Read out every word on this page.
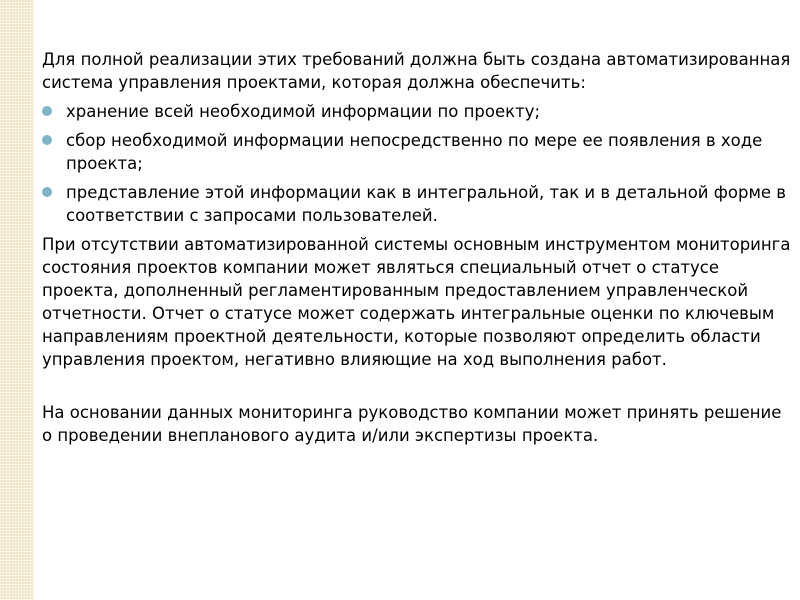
Для полной реализации этих требований должна быть создана автоматизированная система управления проектами, которая должна обеспечить:

хранение всей необходимой информации по проекту;
сбор необходимой информации непосредственно по мере ее появления в ходе проекта;
представление этой информации как в интегральной, так и в детальной форме в соответствии с запросами пользователей.

При отсутствии автоматизированной системы основным инструментом мониторинга состояния проектов компании может являться специальный отчет о статусе проекта, дополненный регламентированным предоставлением управленческой отчетности. Отчет о статусе может содержать интегральные оценки по ключевым направлениям проектной деятельности, которые позволяют определить области управления проектом, негативно влияющие на ход выполнения работ.

На основании данных мониторинга руководство компании может принять решение о проведении внепланового аудита и/или экспертизы проекта.
